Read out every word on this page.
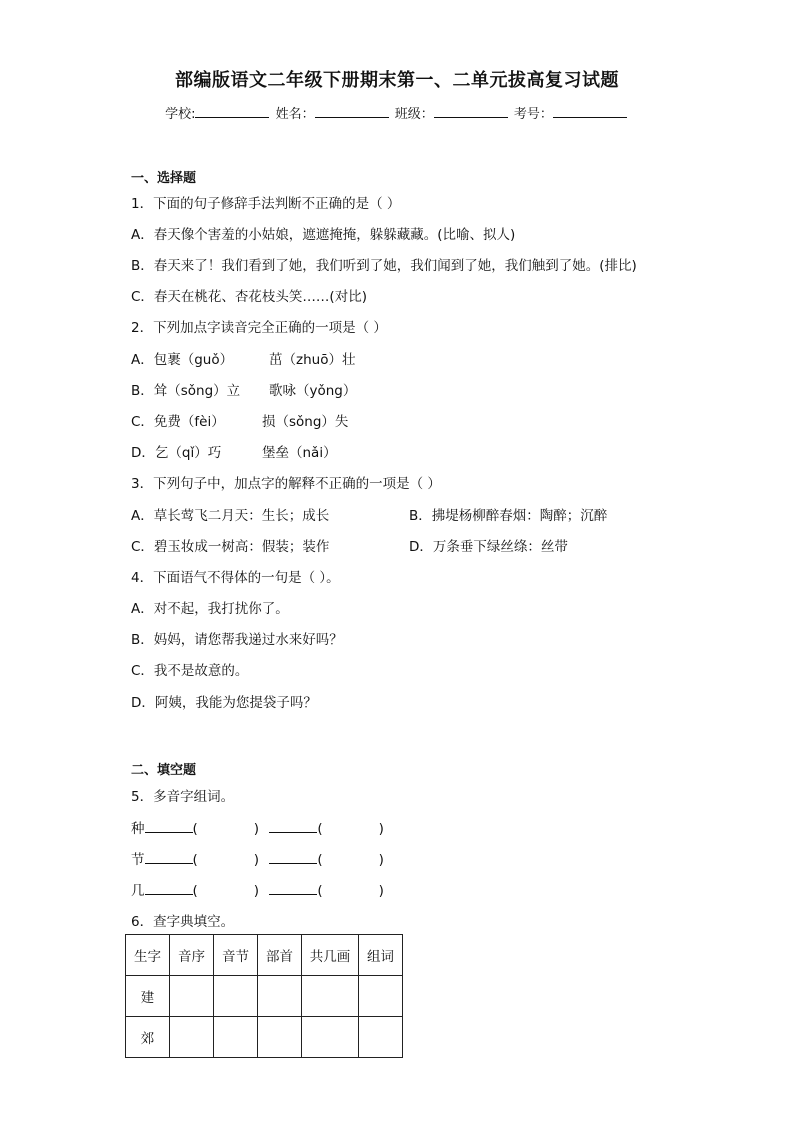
部编版语文二年级下册期末第一、二单元拔高复习试题
学校:	姓名：	班级：	考号：
一、选择题
1．下面的句子修辞手法判断不正确的是（ ）
A．春天像个害羞的小姑娘，遮遮掩掩，躲躲藏藏。(比喻、拟人)
B．春天来了！我们看到了她，我们听到了她，我们闻到了她，我们触到了她。(排比)
C．春天在桃花、杏花枝头笑……(对比)
2．下列加点字读音完全正确的一项是（ ）
A．包裹（guǒ）	茁（zhuō）壮
B．耸（sǒng）立 歌咏（yǒng）
C．免费（fèi）	损（sǒng）失
D．乞（qǐ）巧	堡垒（nǎi）
3．下列句子中，加点字的解释不正确的一项是（ ）
A．草长莺飞二月天：生长；成长	B．拂堤杨柳醉春烟：陶醉；沉醉
C．碧玉妆成一树高：假装；装作	D．万条垂下绿丝绦：丝带
4．下面语气不得体的一句是（ ）。
A．对不起，我打扰你了。
B．妈妈，请您帮我递过水来好吗？
C．我不是故意的。
D．阿姨，我能为您提袋子吗？
二、填空题
5．多音字组词。
种	(	)	(	)
节	(	)	(	)
几	(	)	(	)
6．查字典填空。
生字	音序	音节	部首	共几画	组词
建					
郊					
